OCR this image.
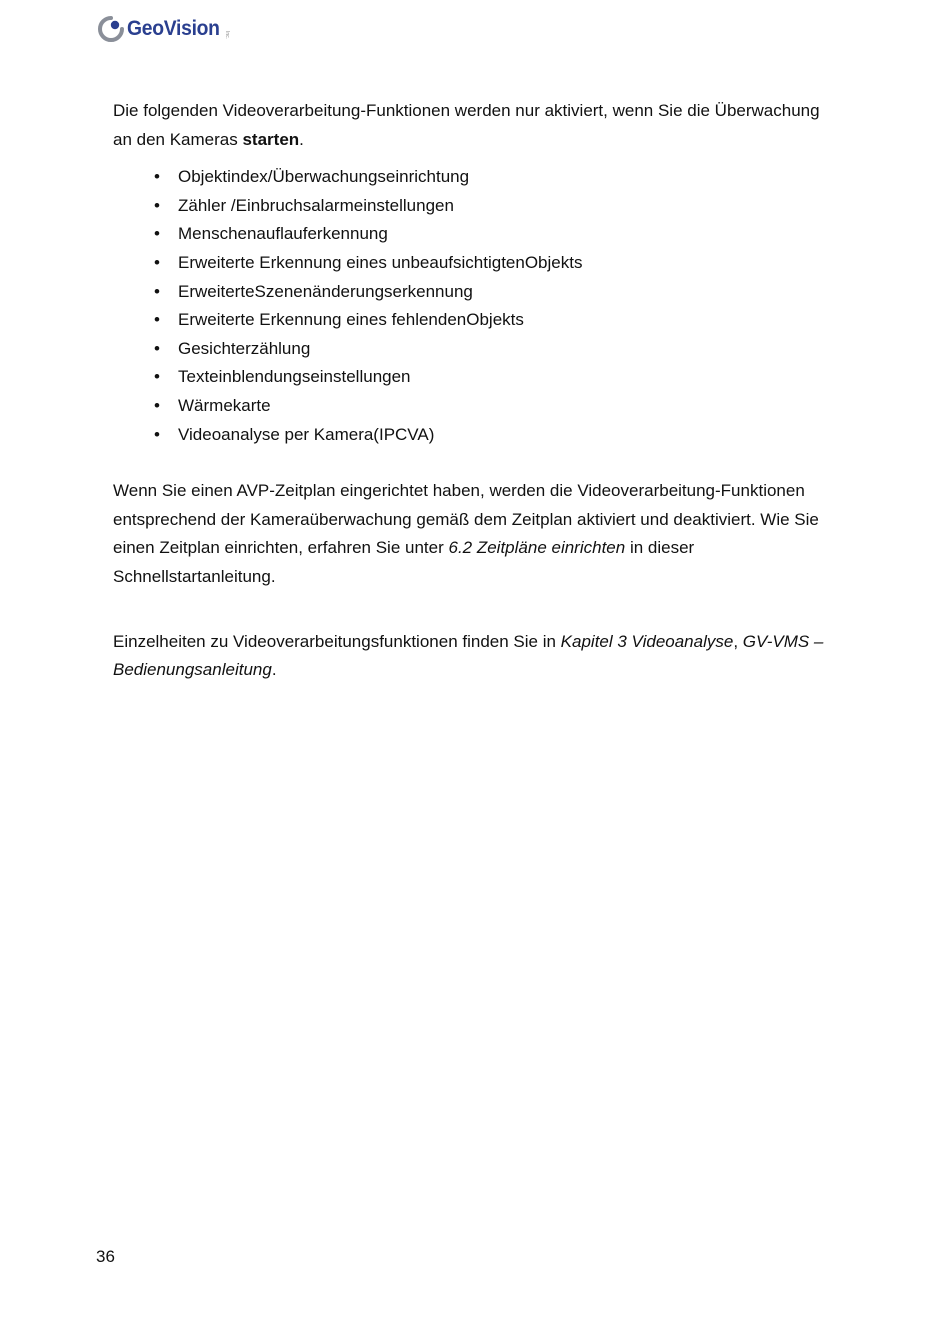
GeoVision Inc.

Die folgenden Videoverarbeitung-Funktionen werden nur aktiviert, wenn Sie die Überwachung an den Kameras starten.

• Objektindex/Überwachungseinrichtung
• Zähler /Einbruchsalarmeinstellungen
• Menschenauflauferkennung
• Erweiterte Erkennung eines unbeaufsichtigtenObjekts
• ErweiterteSzenenänderungserkennung
• Erweiterte Erkennung eines fehlendenObjekts
• Gesichterzählung
• Texteinblendungseinstellungen
• Wärmekarte
• Videoanalyse per Kamera(IPCVA)

Wenn Sie einen AVP-Zeitplan eingerichtet haben, werden die Videoverarbeitung-Funktionen entsprechend der Kameraüberwachung gemäß dem Zeitplan aktiviert und deaktiviert. Wie Sie einen Zeitplan einrichten, erfahren Sie unter 6.2 Zeitpläne einrichten in dieser Schnellstartanleitung.

Einzelheiten zu Videoverarbeitungsfunktionen finden Sie in Kapitel 3 Videoanalyse, GV-VMS – Bedienungsanleitung.

36
